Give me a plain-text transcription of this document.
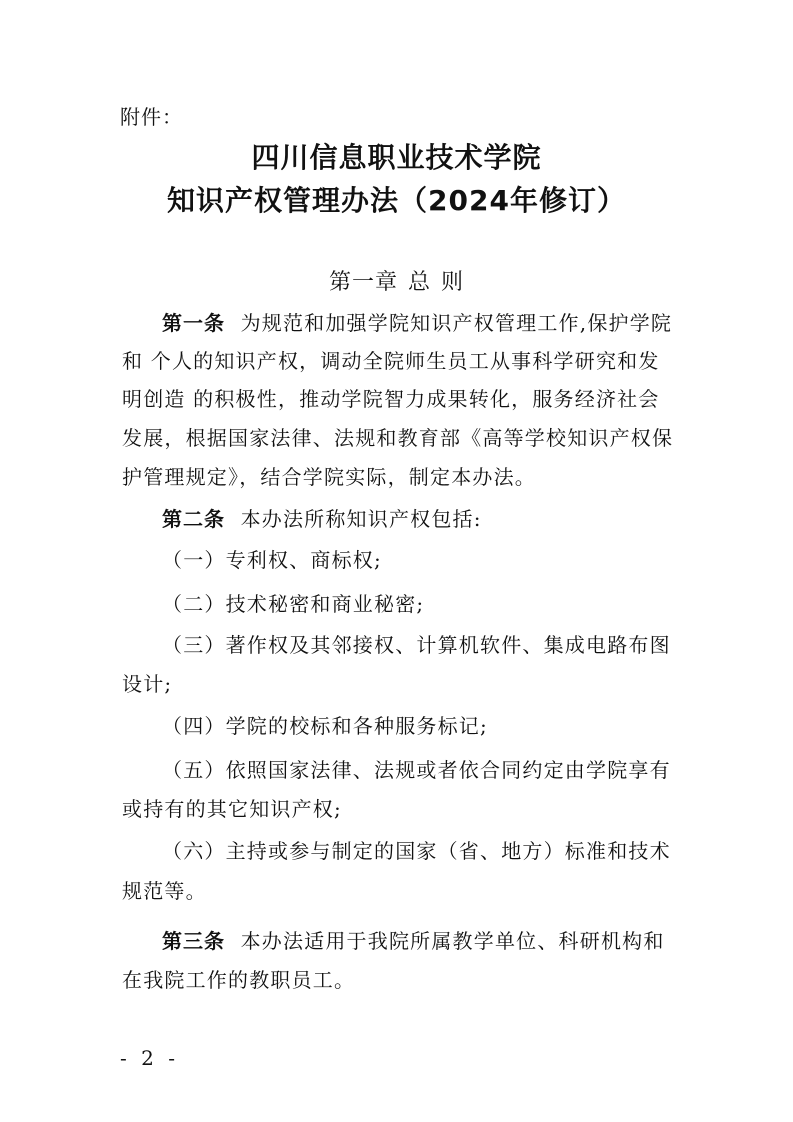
附件：
四川信息职业技术学院
知识产权管理办法（2024年修订）
第一章 总 则
第一条 为规范和加强学院知识产权管理工作,保护学院
和 个人的知识产权，调动全院师生员工从事科学研究和发
明创造 的积极性，推动学院智力成果转化，服务经济社会
发展，根据国家法律、法规和教育部《高等学校知识产权保
护管理规定》，结合学院实际，制定本办法。
第二条 本办法所称知识产权包括:
（一）专利权、商标权;
（二）技术秘密和商业秘密;
（三）著作权及其邻接权、计算机软件、集成电路布图
设计;
（四）学院的校标和各种服务标记;
（五）依照国家法律、法规或者依合同约定由学院享有
或持有的其它知识产权;
（六）主持或参与制定的国家（省、地方）标准和技术
规范等。
第三条 本办法适用于我院所属教学单位、科研机构和
在我院工作的教职员工。
- 2 -
